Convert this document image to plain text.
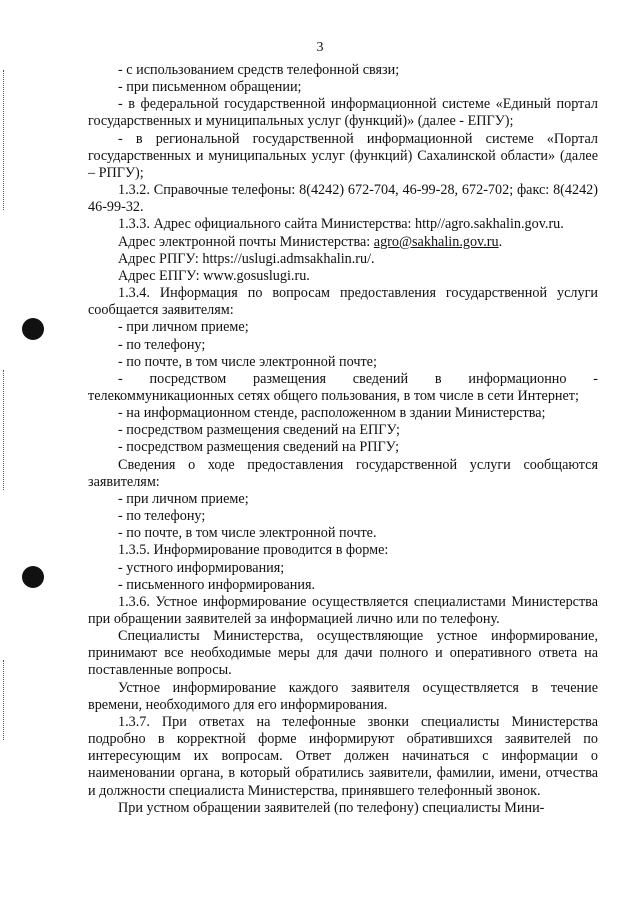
3

- с использованием средств телефонной связи;

- при письменном обращении;

- в федеральной государственной информационной системе «Единый портал государственных и муниципальных услуг (функций)» (далее - ЕПГУ);

- в региональной государственной информационной системе «Портал государственных и муниципальных услуг (функций) Сахалинской области» (далее – РПГУ);

1.3.2. Справочные телефоны: 8(4242) 672-704, 46-99-28, 672-702; факс: 8(4242) 46-99-32.

1.3.3. Адрес официального сайта Министерства: http//agro.sakhalin.gov.ru.

Адрес электронной почты Министерства: agro@sakhalin.gov.ru.

Адрес РПГУ: https://uslugi.admsakhalin.ru/.

Адрес ЕПГУ: www.gosuslugi.ru.

1.3.4. Информация по вопросам предоставления государственной услуги сообщается заявителям:

- при личном приеме;

- по телефону;

- по почте, в том числе электронной почте;

- посредством размещения сведений в информационно - телекоммуникационных сетях общего пользования, в том числе в сети Интернет;

- на информационном стенде, расположенном в здании Министерства;

- посредством размещения сведений на ЕПГУ;

- посредством размещения сведений на РПГУ;

Сведения о ходе предоставления государственной услуги сообщаются заявителям:

- при личном приеме;

- по телефону;

- по почте, в том числе электронной почте.

1.3.5. Информирование проводится в форме:

- устного информирования;

- письменного информирования.

1.3.6. Устное информирование осуществляется специалистами Министерства при обращении заявителей за информацией лично или по телефону.

Специалисты Министерства, осуществляющие устное информирование, принимают все необходимые меры для дачи полного и оперативного ответа на поставленные вопросы.

Устное информирование каждого заявителя осуществляется в течение времени, необходимого для его информирования.

1.3.7. При ответах на телефонные звонки специалисты Министерства подробно в корректной форме информируют обратившихся заявителей по интересующим их вопросам. Ответ должен начинаться с информации о наименовании органа, в который обратились заявители, фамилии, имени, отчества и должности специалиста Министерства, принявшего телефонный звонок.

При устном обращении заявителей (по телефону) специалисты Мини-
